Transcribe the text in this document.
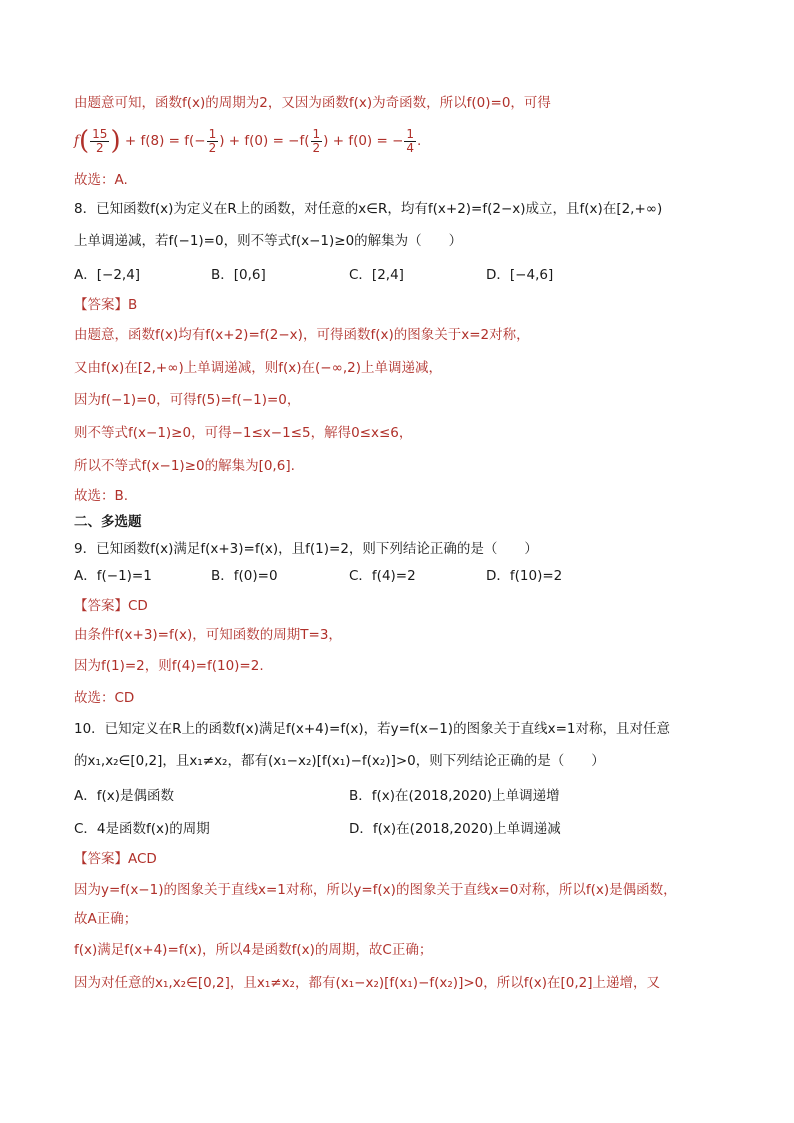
由题意可知，函数f(x)的周期为2，又因为函数f(x)为奇函数，所以f(0)=0，可得
$f( \frac{15}{2}$ ) + $f(8) = f(- \frac{1}{2}$ ) + $f(0) = -f( \frac{1}{2}$ ) + f(0) = − $\frac{1}{4}$ .
故选：A.
8．已知函数f(x)为定义在R上的函数，对任意的x∈R，均有f(x+2)=f(2−x)成立，且f(x)在[2,+∞)
上单调递减，若f(−1)=0，则不等式f(x−1)≥0的解集为（　　）
A．[−2,4]	B．[0,6]	C．[2,4]	D．[−4,6]
【答案】B
由题意，函数f(x)均有f(x+2)=f(2−x)，可得函数f(x)的图象关于x=2对称，
又由f(x)在[2,+∞)上单调递减，则f(x)在(−∞,2)上单调递减，
因为f(−1)=0，可得f(5)=f(−1)=0，
则不等式f(x−1)≥0，可得−1≤x−1≤5，解得0≤x≤6，
所以不等式f(x−1)≥0的解集为[0,6].
故选：B.
二、多选题
9．已知函数f(x)满足f(x+3)=f(x)，且f(1)=2，则下列结论正确的是（　　）
A．f(−1)=1	B．f(0)=0	C．f(4)=2	D．f(10)=2
【答案】CD
由条件f(x+3)=f(x)，可知函数的周期T=3，
因为f(1)=2，则f(4)=f(10)=2.
故选：CD
10．已知定义在R上的函数f(x)满足f(x+4)=f(x)，若y=f(x−1)的图象关于直线x=1对称，且对任意
的x₁,x₂∈[0,2]，且x₁≠x₂，都有(x₁−x₂)[f(x₁)−f(x₂)]>0，则下列结论正确的是（　　）
A．f(x)是偶函数	B．f(x)在(2018,2020)上单调递增
C．4是函数f(x)的周期	D．f(x)在(2018,2020)上单调递减
【答案】ACD
因为y=f(x−1)的图象关于直线x=1对称，所以y=f(x)的图象关于直线x=0对称，所以f(x)是偶函数，
故A正确；
f(x)满足f(x+4)=f(x)，所以4是函数f(x)的周期，故C正确；
因为对任意的x₁,x₂∈[0,2]，且x₁≠x₂，都有(x₁−x₂)[f(x₁)−f(x₂)]>0，所以f(x)在[0,2]上递增，又
